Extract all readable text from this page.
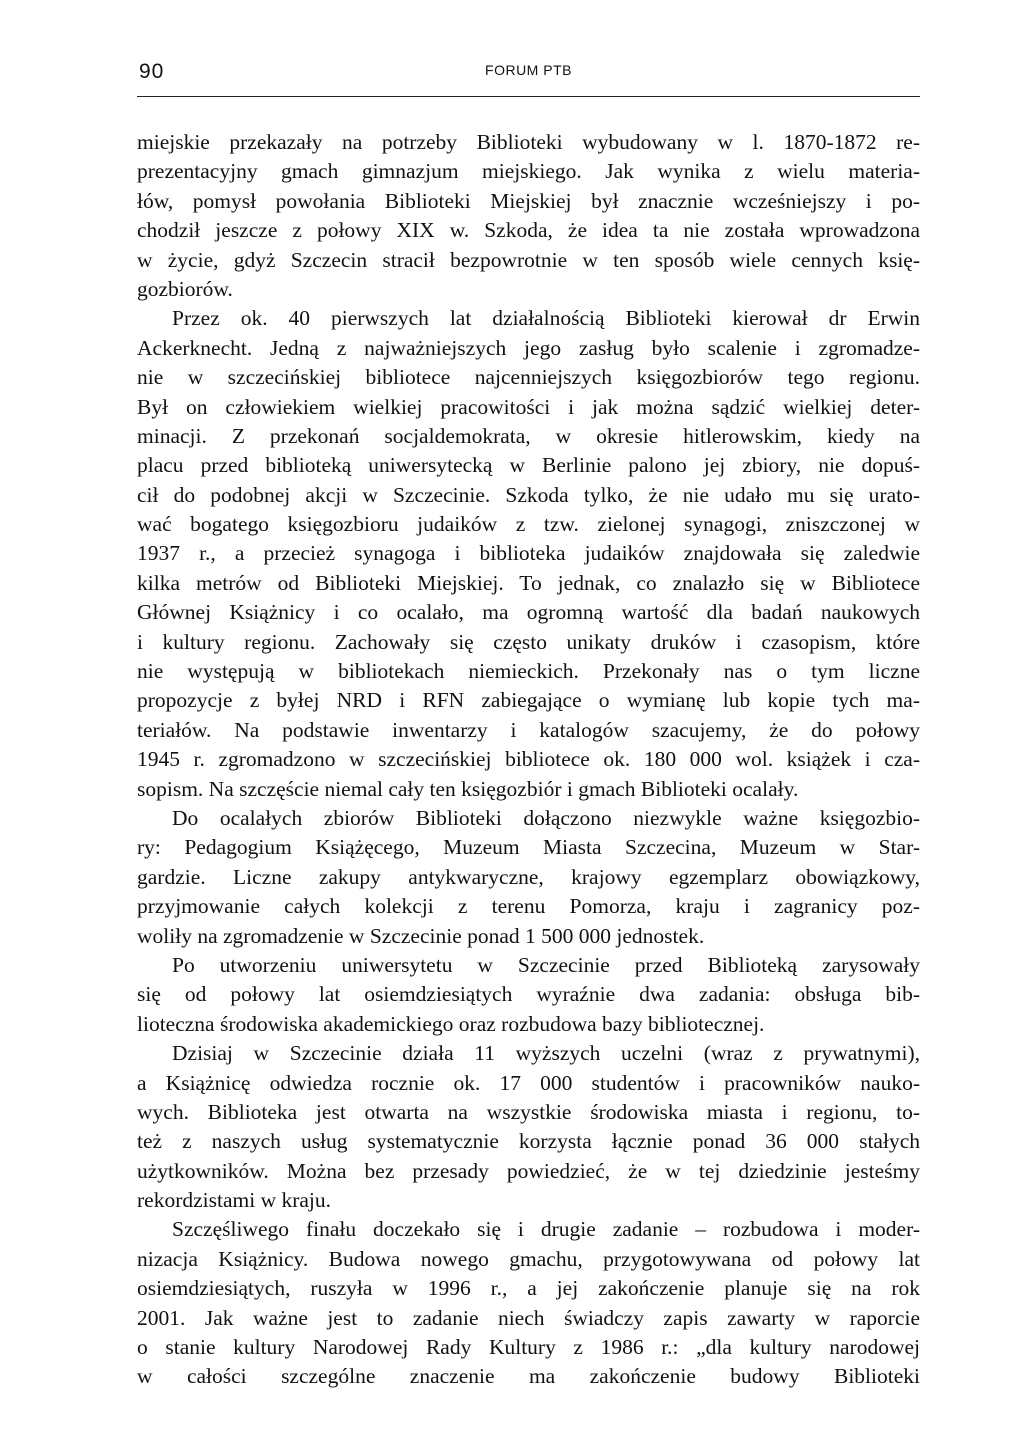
90	FORUM PTB
miejskie przekazały na potrzeby Biblioteki wybudowany w l. 1870-1872 re-
prezentacyjny gmach gimnazjum miejskiego. Jak wynika z wielu materia-
łów, pomysł powołania Biblioteki Miejskiej był znacznie wcześniejszy i po-
chodził jeszcze z połowy XIX w. Szkoda, że idea ta nie została wprowadzona
w życie, gdyż Szczecin stracił bezpowrotnie w ten sposób wiele cennych księ-
gozbiorów.
Przez ok. 40 pierwszych lat działalnością Biblioteki kierował dr Erwin
Ackerknecht. Jedną z najważniejszych jego zasług było scalenie i zgromadze-
nie w szczecińskiej bibliotece najcenniejszych księgozbiorów tego regionu.
Był on człowiekiem wielkiej pracowitości i jak można sądzić wielkiej deter-
minacji. Z przekonań socjaldemokrata, w okresie hitlerowskim, kiedy na
placu przed biblioteką uniwersytecką w Berlinie palono jej zbiory, nie dopuś-
cił do podobnej akcji w Szczecinie. Szkoda tylko, że nie udało mu się urato-
wać bogatego księgozbioru judaików z tzw. zielonej synagogi, zniszczonej w
1937 r., a przecież synagoga i biblioteka judaików znajdowała się zaledwie
kilka metrów od Biblioteki Miejskiej. To jednak, co znalazło się w Bibliotece
Głównej Książnicy i co ocalało, ma ogromną wartość dla badań naukowych
i kultury regionu. Zachowały się często unikaty druków i czasopism, które
nie występują w bibliotekach niemieckich. Przekonały nas o tym liczne
propozycje z byłej NRD i RFN zabiegające o wymianę lub kopie tych ma-
teriałów. Na podstawie inwentarzy i katalogów szacujemy, że do połowy
1945 r. zgromadzono w szczecińskiej bibliotece ok. 180 000 wol. książek i cza-
sopism. Na szczęście niemal cały ten księgozbiór i gmach Biblioteki ocalały.
Do ocalałych zbiorów Biblioteki dołączono niezwykle ważne księgozbio-
ry: Pedagogium Książęcego, Muzeum Miasta Szczecina, Muzeum w Star-
gardzie. Liczne zakupy antykwaryczne, krajowy egzemplarz obowiązkowy,
przyjmowanie całych kolekcji z terenu Pomorza, kraju i zagranicy poz-
woliły na zgromadzenie w Szczecinie ponad 1 500 000 jednostek.
Po utworzeniu uniwersytetu w Szczecinie przed Biblioteką zarysowały
się od połowy lat osiemdziesiątych wyraźnie dwa zadania: obsługa bib-
lioteczna środowiska akademickiego oraz rozbudowa bazy bibliotecznej.
Dzisiaj w Szczecinie działa 11 wyższych uczelni (wraz z prywatnymi),
a Książnicę odwiedza rocznie ok. 17 000 studentów i pracowników nauko-
wych. Biblioteka jest otwarta na wszystkie środowiska miasta i regionu, to-
też z naszych usług systematycznie korzysta łącznie ponad 36 000 stałych
użytkowników. Można bez przesady powiedzieć, że w tej dziedzinie jesteśmy
rekordzistami w kraju.
Szczęśliwego finału doczekało się i drugie zadanie – rozbudowa i moder-
nizacja Książnicy. Budowa nowego gmachu, przygotowywana od połowy lat
osiemdziesiątych, ruszyła w 1996 r., a jej zakończenie planuje się na rok
2001. Jak ważne jest to zadanie niech świadczy zapis zawarty w raporcie
o stanie kultury Narodowej Rady Kultury z 1986 r.: „dla kultury narodowej
w całości szczególne znaczenie ma zakończenie budowy Biblioteki
